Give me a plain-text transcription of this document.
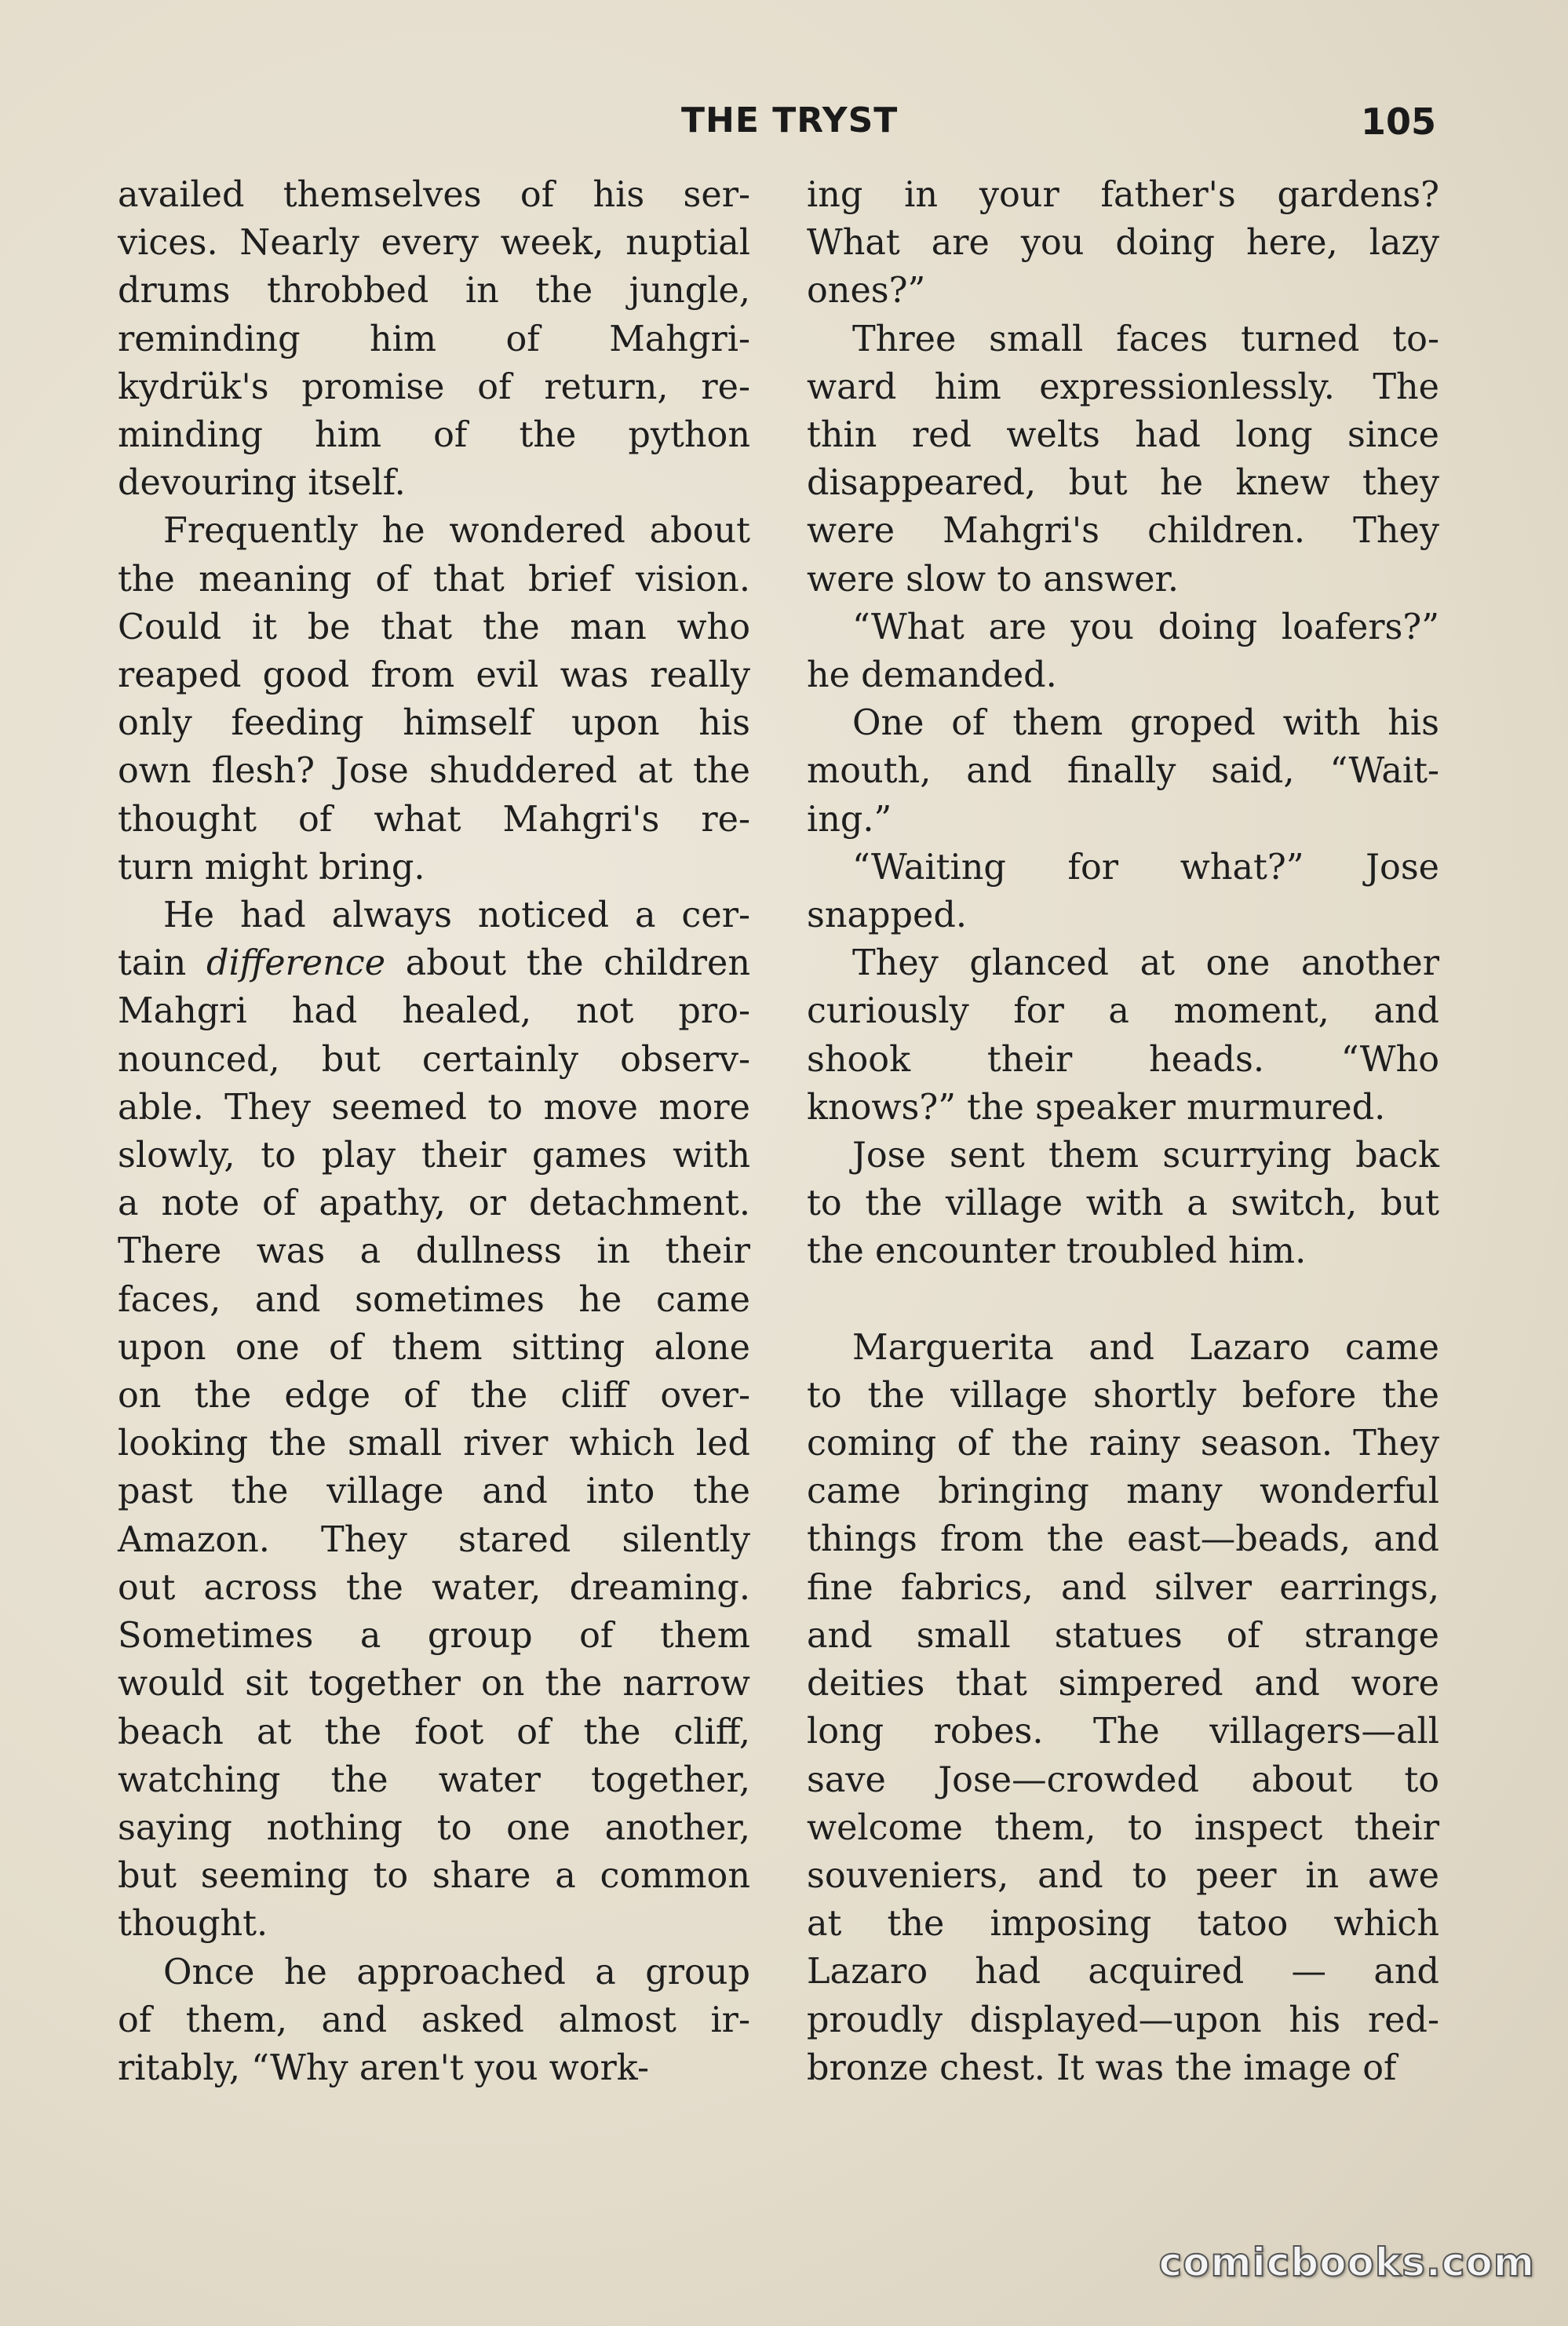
THE TRYST	105

availed themselves of his ser-
vices. Nearly every week, nuptial
drums throbbed in the jungle,
reminding him of Mahgri-
kydrük's promise of return, re-
minding him of the python
devouring itself.

Frequently he wondered about
the meaning of that brief vision.
Could it be that the man who
reaped good from evil was really
only feeding himself upon his
own flesh? Jose shuddered at the
thought of what Mahgri's re-
turn might bring.

He had always noticed a cer-
tain difference about the children
Mahgri had healed, not pro-
nounced, but certainly observ-
able. They seemed to move more
slowly, to play their games with
a note of apathy, or detachment.
There was a dullness in their
faces, and sometimes he came
upon one of them sitting alone
on the edge of the cliff over-
looking the small river which led
past the village and into the
Amazon. They stared silently
out across the water, dreaming.
Sometimes a group of them
would sit together on the narrow
beach at the foot of the cliff,
watching the water together,
saying nothing to one another,
but seeming to share a common
thought.

Once he approached a group
of them, and asked almost ir-
ritably, “Why aren't you work-

ing in your father's gardens?
What are you doing here, lazy
ones?”

Three small faces turned to-
ward him expressionlessly. The
thin red welts had long since
disappeared, but he knew they
were Mahgri's children. They
were slow to answer.

“What are you doing loafers?”
he demanded.

One of them groped with his
mouth, and finally said, “Wait-
ing.”

“Waiting for what?” Jose
snapped.

They glanced at one another
curiously for a moment, and
shook their heads. “Who
knows?” the speaker murmured.

Jose sent them scurrying back
to the village with a switch, but
the encounter troubled him.

Marguerita and Lazaro came
to the village shortly before the
coming of the rainy season. They
came bringing many wonderful
things from the east—beads, and
fine fabrics, and silver earrings,
and small statues of strange
deities that simpered and wore
long robes. The villagers—all
save Jose—crowded about to
welcome them, to inspect their
souveniers, and to peer in awe
at the imposing tatoo which
Lazaro had acquired — and
proudly displayed—upon his red-
bronze chest. It was the image of

comicbooks.com
